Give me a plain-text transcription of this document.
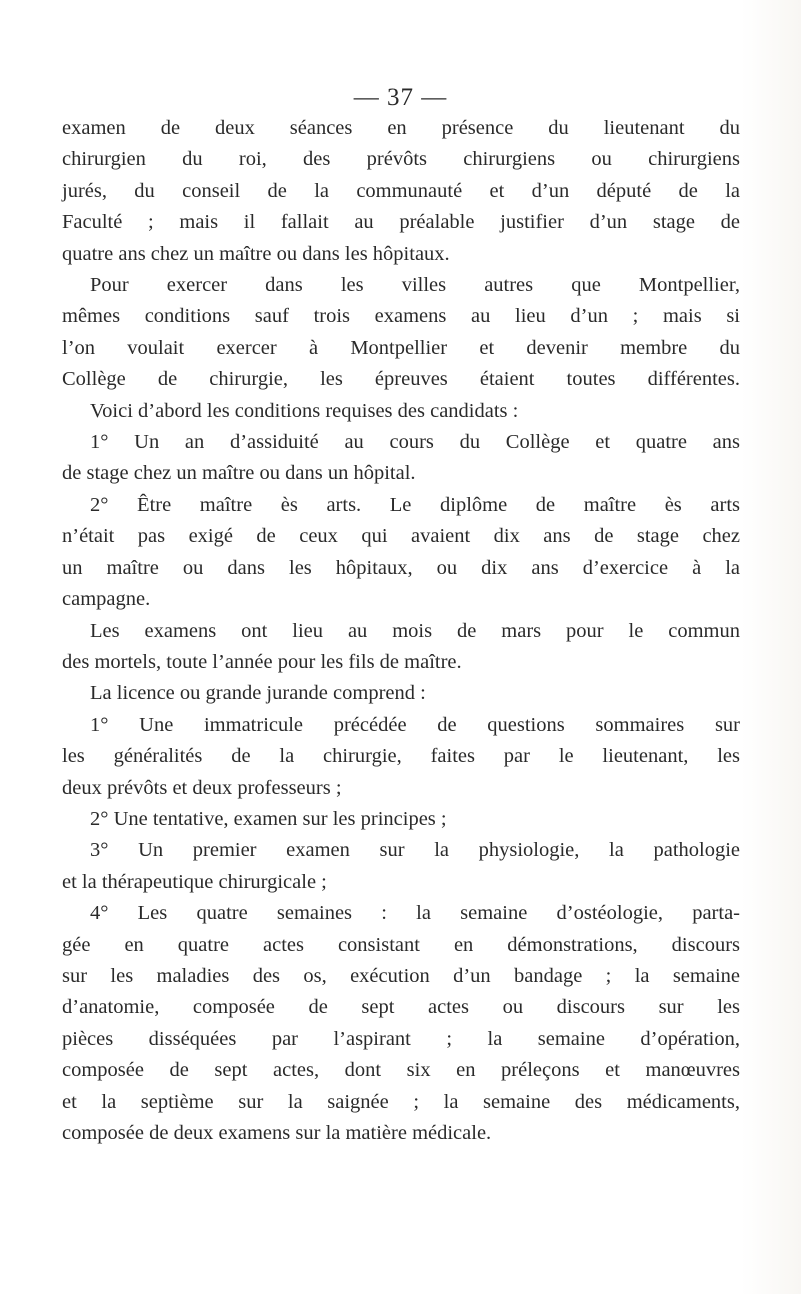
— 37 —
examen de deux séances en présence du lieutenant du
chirurgien du roi, des prévôts chirurgiens ou chirurgiens
jurés, du conseil de la communauté et d’un député de la
Faculté ; mais il fallait au préalable justifier d’un stage de
quatre ans chez un maître ou dans les hôpitaux.
Pour exercer dans les villes autres que Montpellier,
mêmes conditions sauf trois examens au lieu d’un ; mais si
l’on voulait exercer à Montpellier et devenir membre du
Collège de chirurgie, les épreuves étaient toutes différentes.
Voici d’abord les conditions requises des candidats :
1° Un an d’assiduité au cours du Collège et quatre ans
de stage chez un maître ou dans un hôpital.
2° Être maître ès arts. Le diplôme de maître ès arts
n’était pas exigé de ceux qui avaient dix ans de stage chez
un maître ou dans les hôpitaux, ou dix ans d’exercice à la
campagne.
Les examens ont lieu au mois de mars pour le commun
des mortels, toute l’année pour les fils de maître.
La licence ou grande jurande comprend :
1° Une immatricule précédée de questions sommaires sur
les généralités de la chirurgie, faites par le lieutenant, les
deux prévôts et deux professeurs ;
2° Une tentative, examen sur les principes ;
3° Un premier examen sur la physiologie, la pathologie
et la thérapeutique chirurgicale ;
4° Les quatre semaines : la semaine d’ostéologie, parta-
gée en quatre actes consistant en démonstrations, discours
sur les maladies des os, exécution d’un bandage ; la semaine
d’anatomie, composée de sept actes ou discours sur les
pièces disséquées par l’aspirant ; la semaine d’opération,
composée de sept actes, dont six en préleçons et manœuvres
et la septième sur la saignée ; la semaine des médicaments,
composée de deux examens sur la matière médicale.
